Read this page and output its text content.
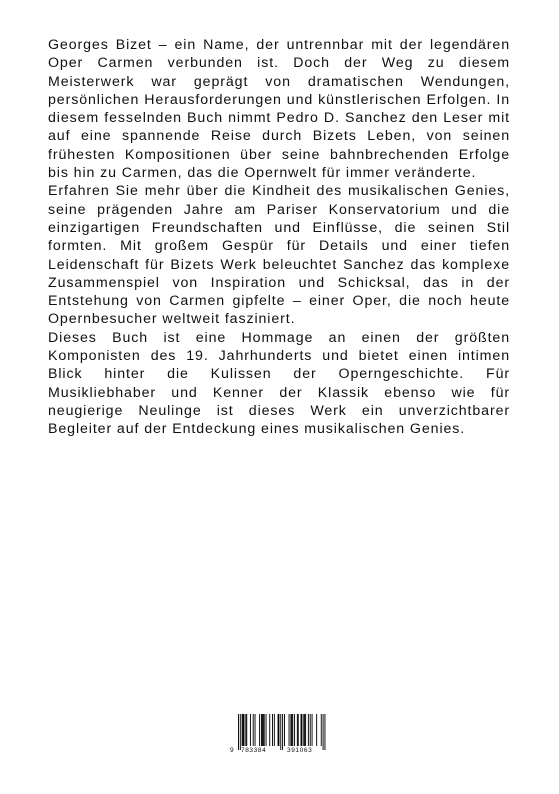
Georges Bizet – ein Name, der untrennbar mit der legendären Oper Carmen verbunden ist. Doch der Weg zu diesem Meisterwerk war geprägt von dramatischen Wendungen, persönlichen Herausforderungen und künstlerischen Erfolgen. In diesem fesselnden Buch nimmt Pedro D. Sanchez den Leser mit auf eine spannende Reise durch Bizets Leben, von seinen frühesten Kompositionen über seine bahnbrechenden Erfolge bis hin zu Carmen, das die Opernwelt für immer veränderte.

Erfahren Sie mehr über die Kindheit des musikalischen Genies, seine prägenden Jahre am Pariser Konservatorium und die einzigartigen Freundschaften und Einflüsse, die seinen Stil formten. Mit großem Gespür für Details und einer tiefen Leidenschaft für Bizets Werk beleuchtet Sanchez das komplexe Zusammenspiel von Inspiration und Schicksal, das in der Entstehung von Carmen gipfelte – einer Oper, die noch heute Opernbesucher weltweit fasziniert.

Dieses Buch ist eine Hommage an einen der größten Komponisten des 19. Jahrhunderts und bietet einen intimen Blick hinter die Kulissen der Operngeschichte. Für Musikliebhaber und Kenner der Klassik ebenso wie für neugierige Neulinge ist dieses Werk ein unverzichtbarer Begleiter auf der Entdeckung eines musikalischen Genies.

9 783384	391063
